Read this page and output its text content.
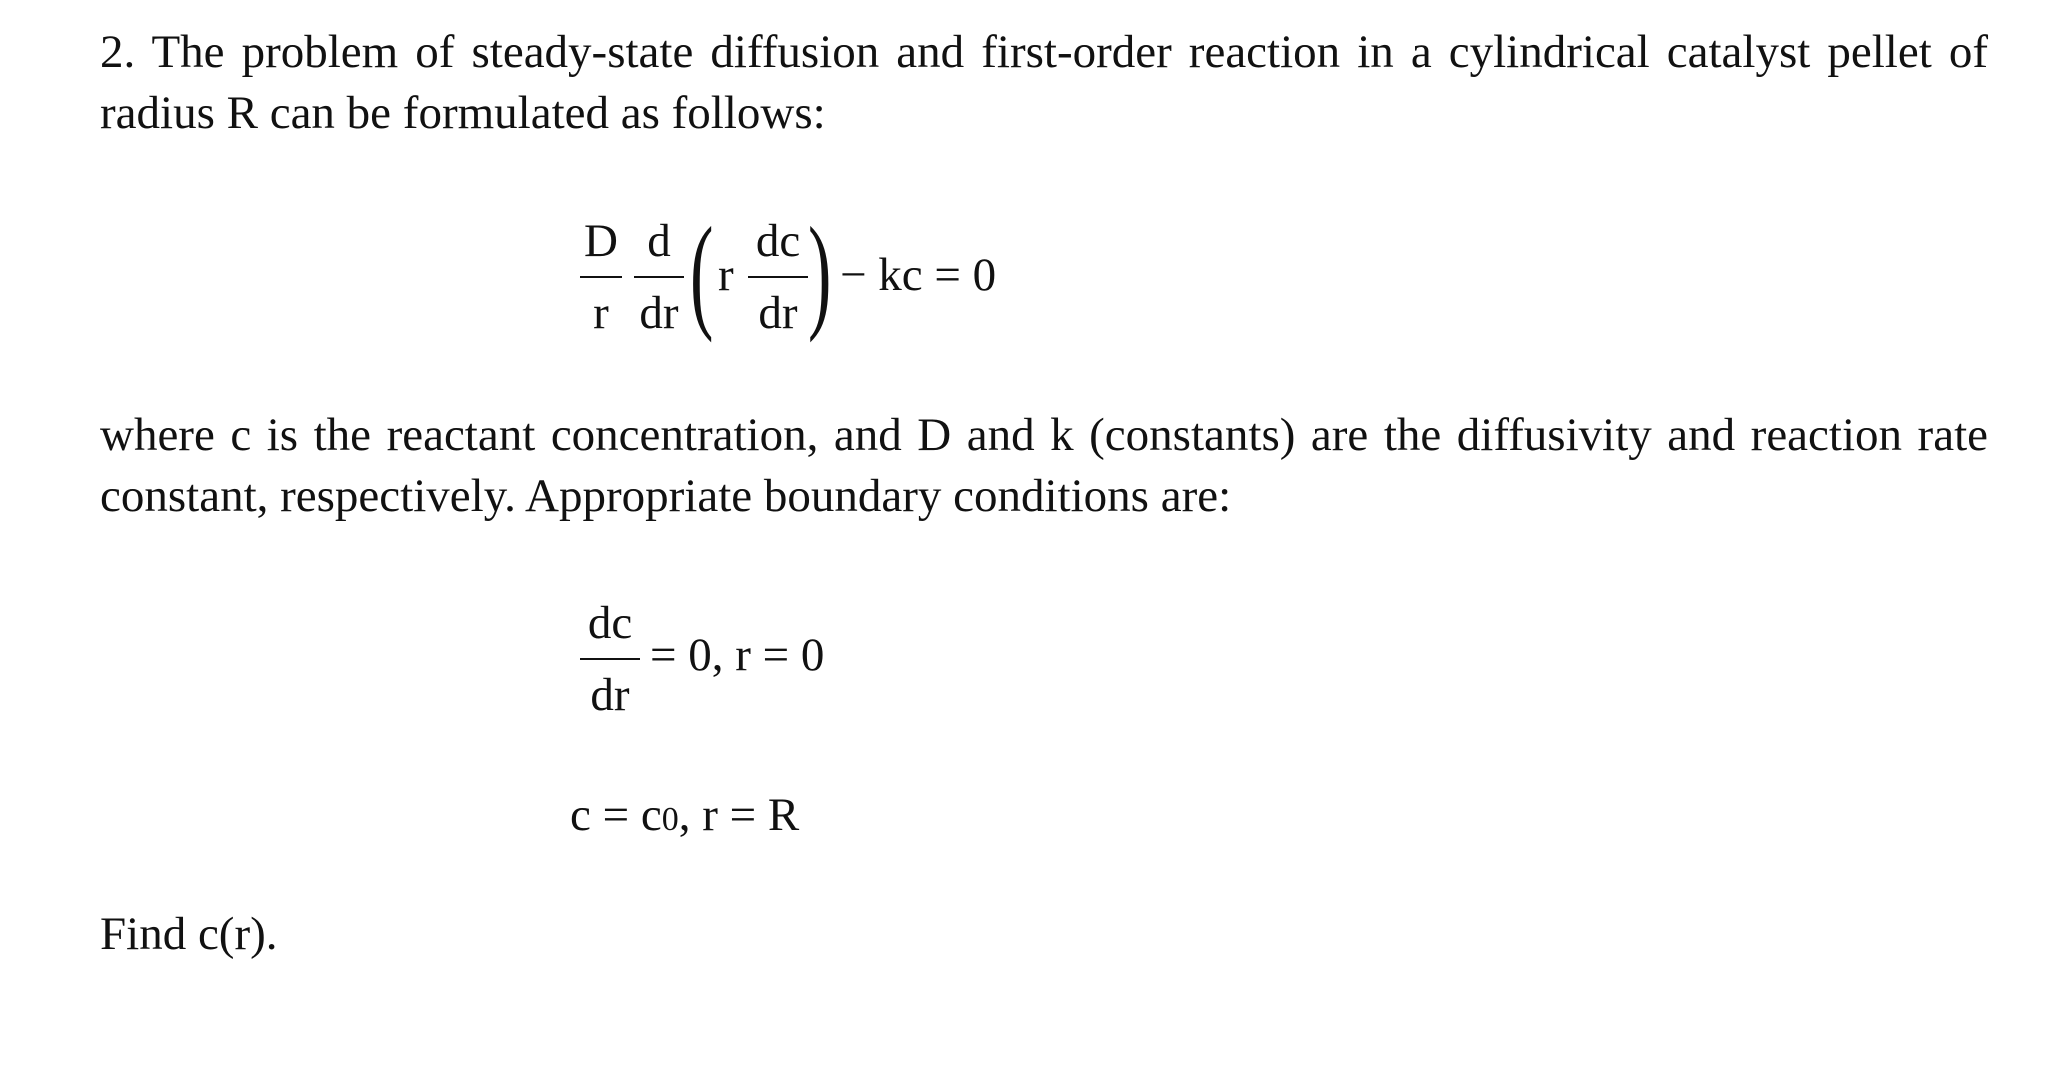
2. The problem of steady-state diffusion and first-order reaction in a cylindrical catalyst pellet of radius R can be formulated as follows:
D
r
d
dr ( r
dc
dr ) − kc = 0
where c is the reactant concentration, and D and k (constants) are the diffusivity and reaction rate constant, respectively. Appropriate boundary conditions are:
dc
dr
= 0, r = 0
c = c0, r = R
Find c(r).
